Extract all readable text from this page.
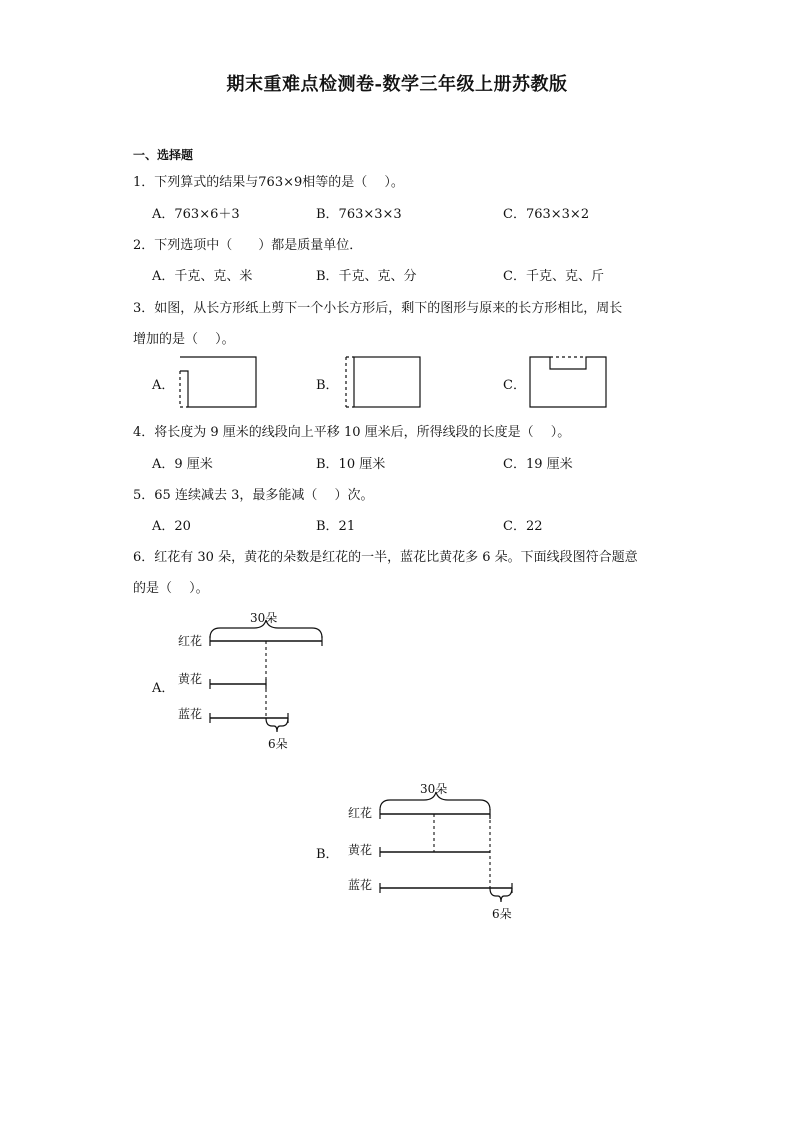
期末重难点检测卷-数学三年级上册苏教版
一、选择题
1．下列算式的结果与763×9相等的是（　 ）。
A．763×6＋3	B．763×3×3	C．763×3×2
2．下列选项中（　　）都是质量单位．
A．千克、克、米	B．千克、克、分	C．千克、克、斤
3．如图，从长方形纸上剪下一个小长方形后，剩下的图形与原来的长方形相比，周长
增加的是（　 ）。
A．	B．	C．
4．将长度为 9 厘米的线段向上平移 10 厘米后，所得线段的长度是（　 ）。
A．9 厘米	B．10 厘米	C．19 厘米
5．65 连续减去 3，最多能减（　 ）次。
A．20	B．21	C．22
6．红花有 30 朵，黄花的朵数是红花的一半，蓝花比黄花多 6 朵。下面线段图符合题意
的是（　 ）。
A．
30朵
红花
黄花
蓝花
6朵
B．
30朵
红花
黄花
蓝花
6朵
